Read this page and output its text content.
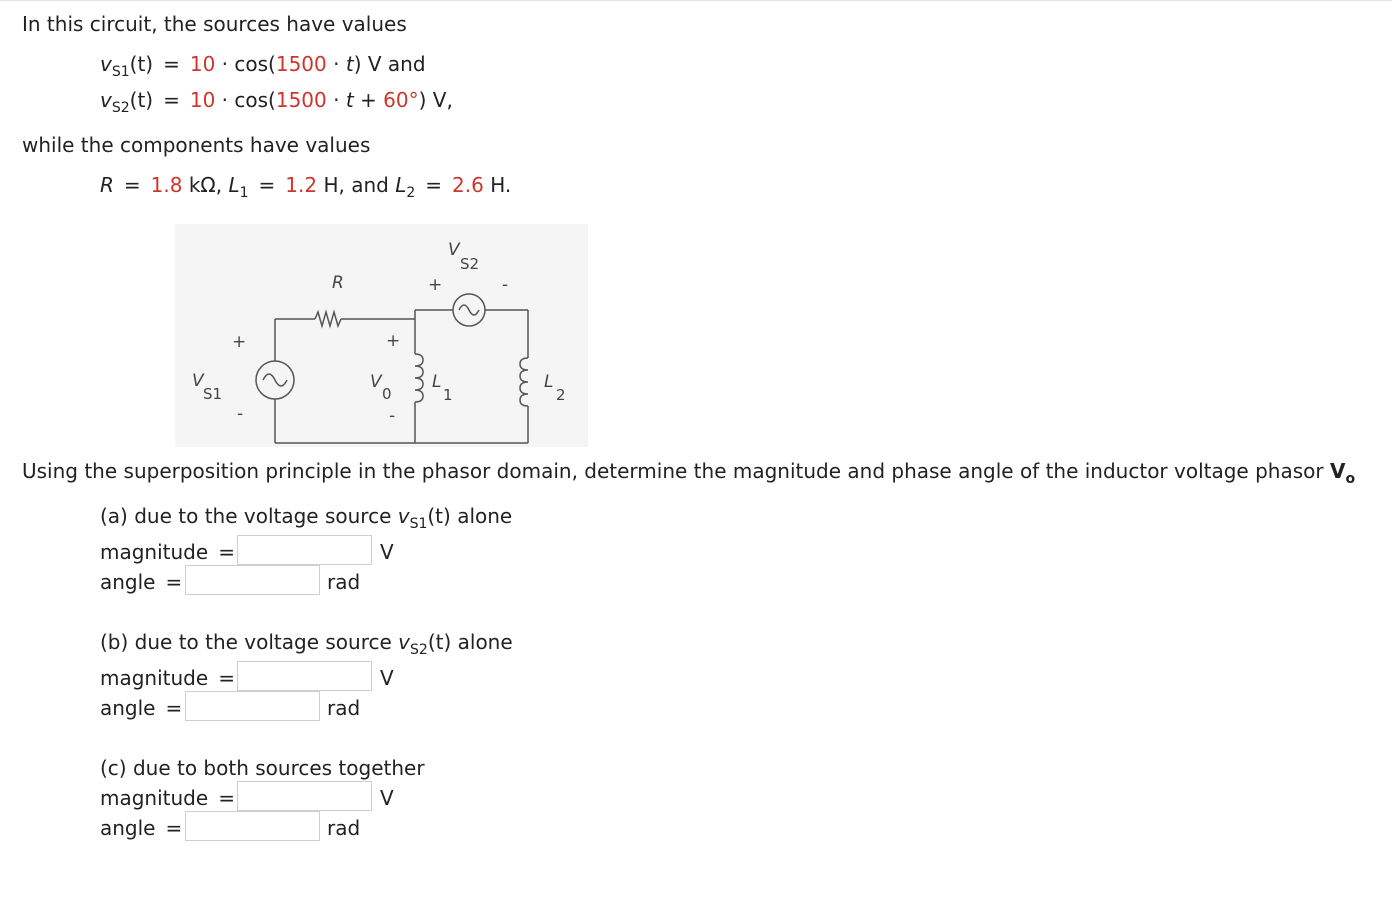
In this circuit, the sources have values
$v_{S1}(t) = 10 \cdot \cos(1500 \cdot t)$ V and
$v_{S2}(t) = 10 \cdot \cos(1500 \cdot t + 60^\circ)$ V,
while the components have values
R = 1.8 kΩ, $L_1 = 1.2$ H, and $L_2 = 2.6$ H.
V
S2
+	-
R
+
V
S1
-
+
V
0
-
L
1
L
2
Using the superposition principle in the phasor domain, determine the magnitude and phase angle of the inductor voltage phasor $V_o$
(a) due to the voltage source $v_{S1}(t)$ alone
magnitude =	V
angle =	rad
(b) due to the voltage source $v_{S2}(t)$ alone
magnitude =	V
angle =	rad
(c) due to both sources together
magnitude =	V
angle =	rad
